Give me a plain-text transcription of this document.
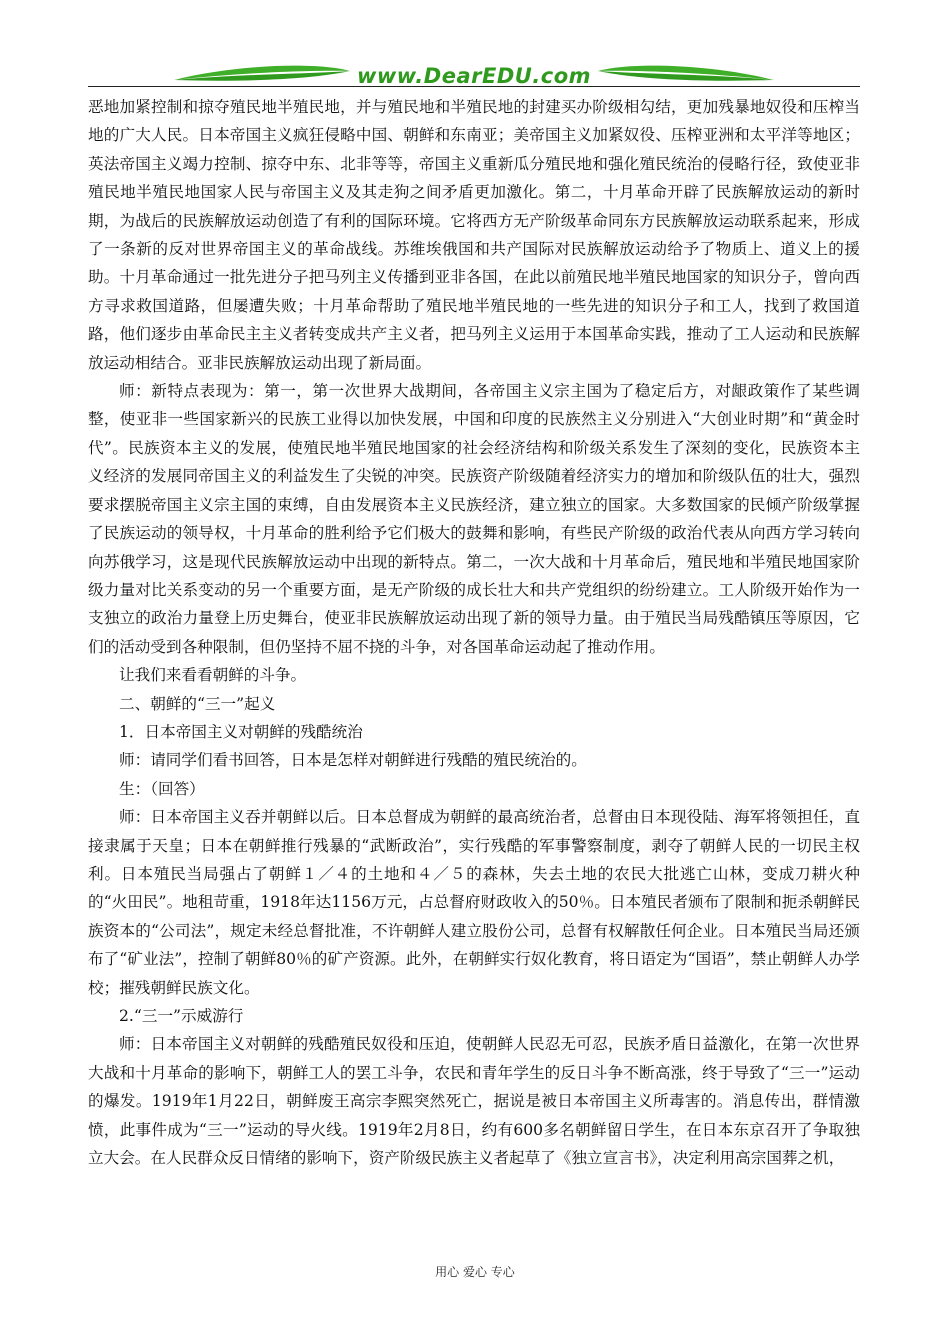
www.DearEDU.com

恶地加紧控制和掠夺殖民地半殖民地，并与殖民地和半殖民地的封建买办阶级相勾结，更加残暴地奴役和压榨当地的广大人民。日本帝国主义疯狂侵略中国、朝鲜和东南亚；美帝国主义加紧奴役、压榨亚洲和太平洋等地区；英法帝国主义竭力控制、掠夺中东、北非等等，帝国主义重新瓜分殖民地和强化殖民统治的侵略行径，致使亚非殖民地半殖民地国家人民与帝国主义及其走狗之间矛盾更加激化。第二，十月革命开辟了民族解放运动的新时期，为战后的民族解放运动创造了有利的国际环境。它将西方无产阶级革命同东方民族解放运动联系起来，形成了一条新的反对世界帝国主义的革命战线。苏维埃俄国和共产国际对民族解放运动给予了物质上、道义上的援助。十月革命通过一批先进分子把马列主义传播到亚非各国，在此以前殖民地半殖民地国家的知识分子，曾向西方寻求救国道路，但屡遭失败；十月革命帮助了殖民地半殖民地的一些先进的知识分子和工人，找到了救国道路，他们逐步由革命民主主义者转变成共产主义者，把马列主义运用于本国革命实践，推动了工人运动和民族解放运动相结合。亚非民族解放运动出现了新局面。

师：新特点表现为：第一，第一次世界大战期间，各帝国主义宗主国为了稳定后方，对龈政策作了某些调整，使亚非一些国家新兴的民族工业得以加快发展，中国和印度的民族然主义分别进入“大创业时期”和“黄金时代”。民族资本主义的发展，使殖民地半殖民地国家的社会经济结构和阶级关系发生了深刻的变化，民族资本主义经济的发展同帝国主义的利益发生了尖锐的冲突。民族资产阶级随着经济实力的增加和阶级队伍的壮大，强烈要求摆脱帝国主义宗主国的束缚，自由发展资本主义民族经济，建立独立的国家。大多数国家的民倾产阶级掌握了民族运动的领导权，十月革命的胜利给予它们极大的鼓舞和影响，有些民产阶级的政治代表从向西方学习转向向苏俄学习，这是现代民族解放运动中出现的新特点。第二，一次大战和十月革命后，殖民地和半殖民地国家阶级力量对比关系变动的另一个重要方面，是无产阶级的成长壮大和共产党组织的纷纷建立。工人阶级开始作为一支独立的政治力量登上历史舞台，使亚非民族解放运动出现了新的领导力量。由于殖民当局残酷镇压等原因，它们的活动受到各种限制，但仍坚持不屈不挠的斗争，对各国革命运动起了推动作用。

让我们来看看朝鲜的斗争。

二、朝鲜的“三一”起义

1．日本帝国主义对朝鲜的残酷统治

师：请同学们看书回答，日本是怎样对朝鲜进行残酷的殖民统治的。

生：（回答）

师：日本帝国主义吞并朝鲜以后。日本总督成为朝鲜的最高统治者，总督由日本现役陆、海军将领担任，直接隶属于天皇；日本在朝鲜推行残暴的“武断政治”，实行残酷的军事警察制度，剥夺了朝鲜人民的一切民主权利。日本殖民当局强占了朝鲜１／４的土地和４／５的森林，失去土地的农民大批逃亡山林，变成刀耕火种的“火田民”。地租苛重，1918年达1156万元，占总督府财政收入的50％。日本殖民者颁布了限制和扼杀朝鲜民族资本的“公司法”，规定未经总督批准，不许朝鲜人建立股份公司，总督有权解散任何企业。日本殖民当局还颁布了“矿业法”，控制了朝鲜80％的矿产资源。此外，在朝鲜实行奴化教育，将日语定为“国语”，禁止朝鲜人办学校；摧残朝鲜民族文化。

2.“三一”示威游行

师：日本帝国主义对朝鲜的残酷殖民奴役和压迫，使朝鲜人民忍无可忍，民族矛盾日益激化，在第一次世界大战和十月革命的影响下，朝鲜工人的罢工斗争，农民和青年学生的反日斗争不断高涨，终于导致了“三一”运动的爆发。1919年1月22日，朝鲜废王高宗李熙突然死亡，据说是被日本帝国主义所毒害的。消息传出，群情激愤，此事件成为“三一”运动的导火线。1919年2月8日，约有600多名朝鲜留日学生，在日本东京召开了争取独立大会。在人民群众反日情绪的影响下，资产阶级民族主义者起草了《独立宣言书》，决定利用高宗国葬之机，

用心 爱心 专心
